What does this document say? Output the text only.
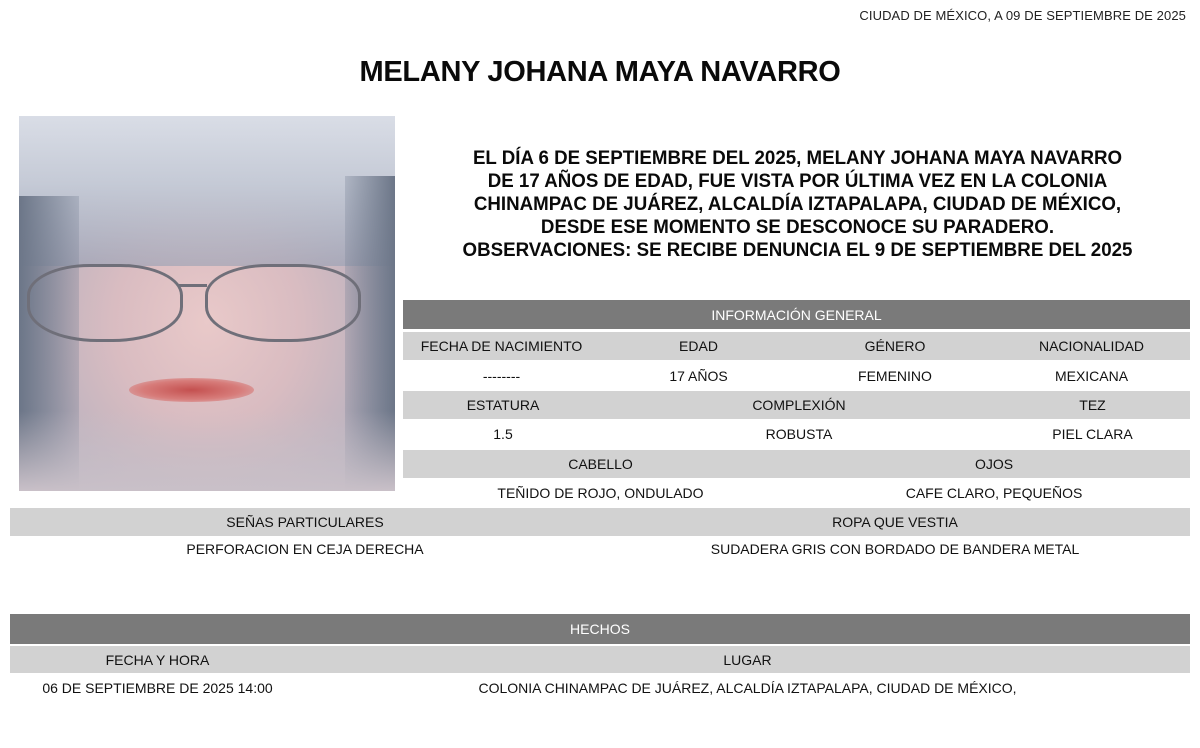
CIUDAD DE MÉXICO, A 09 DE SEPTIEMBRE DE 2025
MELANY JOHANA MAYA NAVARRO
EL DÍA 6 DE SEPTIEMBRE DEL 2025, MELANY JOHANA MAYA NAVARRO
DE 17 AÑOS DE EDAD, FUE VISTA POR ÚLTIMA VEZ EN LA COLONIA
CHINAMPAC DE JUÁREZ, ALCALDÍA IZTAPALAPA, CIUDAD DE MÉXICO,
DESDE ESE MOMENTO SE DESCONOCE SU PARADERO.
OBSERVACIONES: SE RECIBE DENUNCIA EL 9 DE SEPTIEMBRE DEL 2025
INFORMACIÓN GENERAL
FECHA DE NACIMIENTO	EDAD	GÉNERO	NACIONALIDAD
--------	17 AÑOS	FEMENINO	MEXICANA
ESTATURA	COMPLEXIÓN	TEZ
1.5	ROBUSTA	PIEL CLARA
CABELLO	OJOS
TEÑIDO DE ROJO, ONDULADO	CAFE CLARO, PEQUEÑOS
SEÑAS PARTICULARES	ROPA QUE VESTIA
PERFORACION EN CEJA DERECHA	SUDADERA GRIS CON BORDADO DE BANDERA METAL
HECHOS
FECHA Y HORA	LUGAR
06 DE SEPTIEMBRE DE 2025 14:00	COLONIA CHINAMPAC DE JUÁREZ, ALCALDÍA IZTAPALAPA, CIUDAD DE MÉXICO,
